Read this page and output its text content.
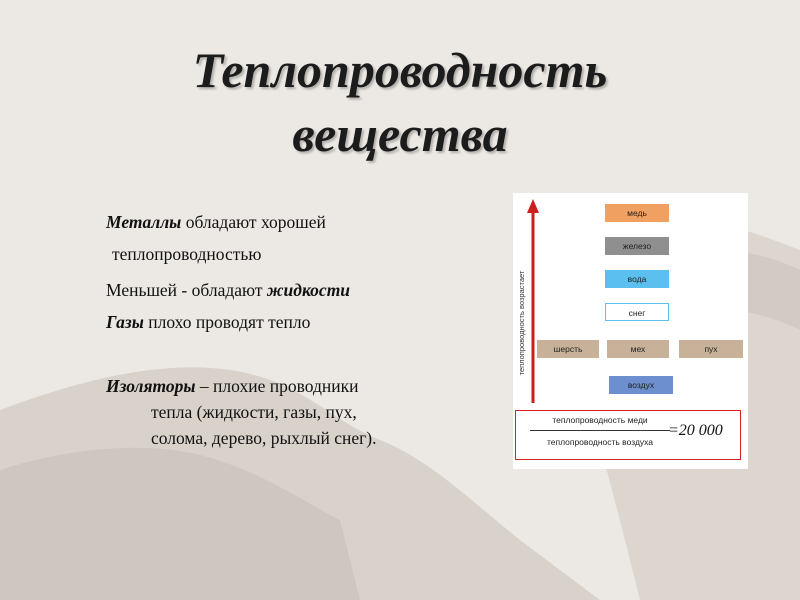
Теплопроводность
вещества
Металлы обладают хорошей
теплопроводностью
Меньшей - обладают жидкости
Газы плохо проводят тепло
Изоляторы – плохие проводники
тепла (жидкости, газы, пух,
солома, дерево, рыхлый снег).
теплопроводность возрастает
медь
железо
вода
снег
шерсть	мех	пух
воздух
теплопроводность меди
теплопроводность воздуха
=20 000
